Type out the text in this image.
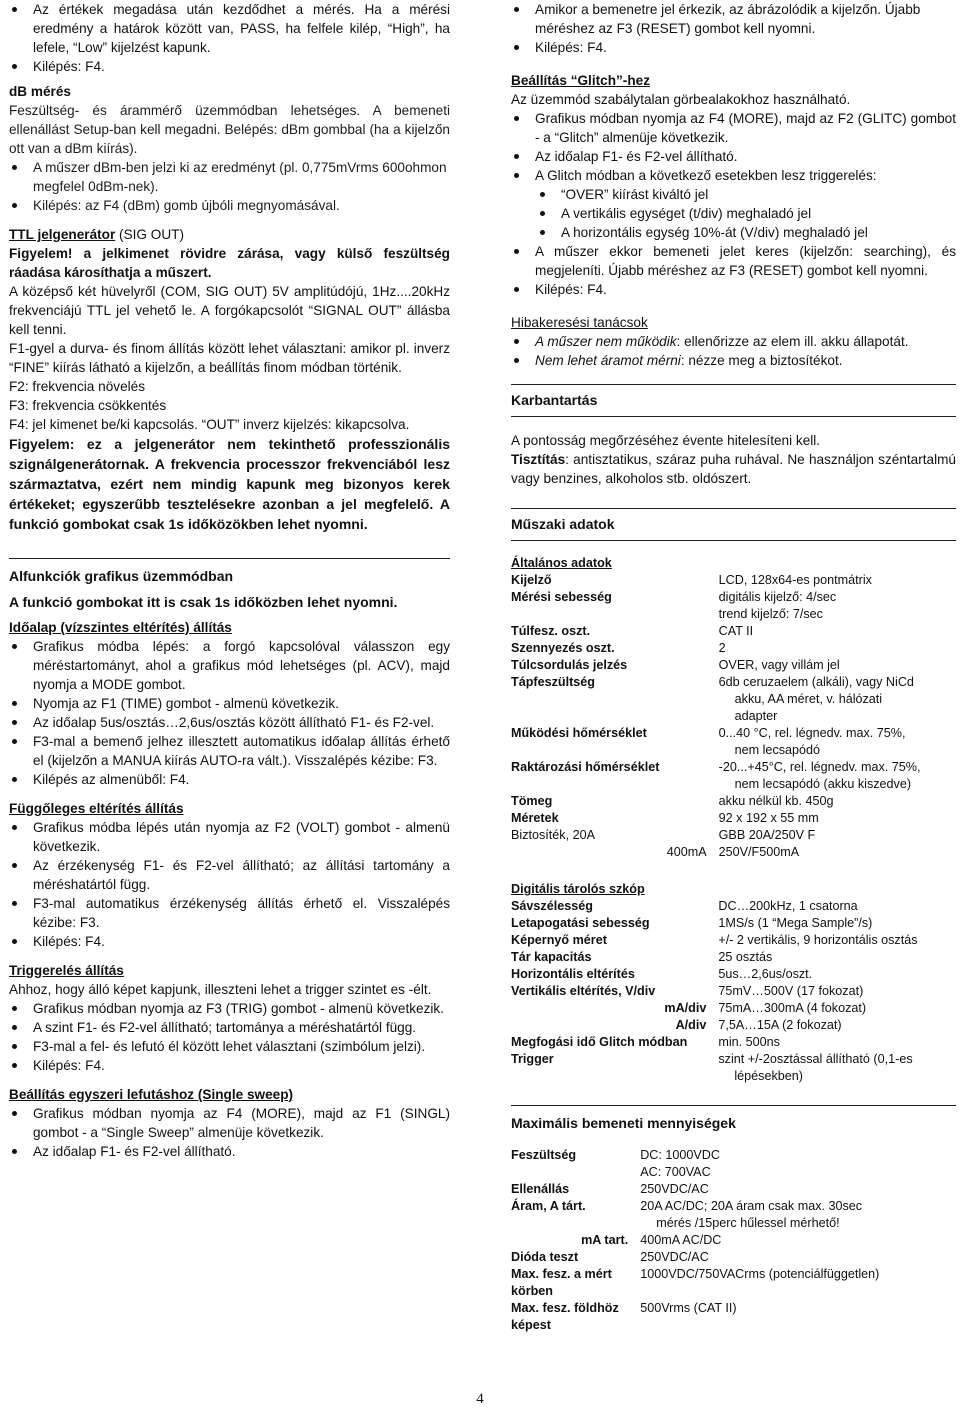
Az értékek megadása után kezdődhet a mérés. Ha a mérési eredmény a határok között van, PASS, ha felfele kilép, “High”, ha lefele, “Low” kijelzést kapunk.
Kilépés: F4.

dB mérés

Feszültség- és árammérő üzemmódban lehetséges. A bemeneti ellenállást Setup-ban kell megadni. Belépés: dBm gombbal (ha a kijelzőn ott van a dBm kiírás).

A műszer dBm-ben jelzi ki az eredményt (pl. 0,775mVrms 600ohmon megfelel 0dBm-nek).
Kilépés: az F4 (dBm) gomb újbóli megnyomásával.

TTL jelgenerátor (SIG OUT)

Figyelem! a jelkimenet rövidre zárása, vagy külső feszültség ráadása károsíthatja a műszert.

A középső két hüvelyről (COM, SIG OUT) 5V amplitúdójú, 1Hz....20kHz frekvenciájú TTL jel vehető le. A forgókapcsolót “SIGNAL OUT” állásba kell tenni.

F1-gyel a durva- és finom állítás között lehet választani: amikor pl. inverz “FINE” kiírás látható a kijelzőn, a beállítás finom módban történik.

F2: frekvencia növelés

F3: frekvencia csökkentés

F4: jel kimenet be/ki kapcsolás. “OUT” inverz kijelzés: kikapcsolva.

Figyelem: ez a jelgenerátor nem tekinthető professzionális szignálgenerátornak. A frekvencia processzor frekvenciából lesz származtatva, ezért nem mindig kapunk meg bizonyos kerek értékeket; egyszerűbb tesztelésekre azonban a jel megfelelő. A funkció gombokat csak 1s időközökben lehet nyomni.

Alfunkciók grafikus üzemmódban

A funkció gombokat itt is csak 1s időközben lehet nyomni.

Időalap (vízszintes eltérítés) állítás

Grafikus módba lépés: a forgó kapcsolóval válasszon egy méréstartományt, ahol a grafikus mód lehetséges (pl. ACV), majd nyomja a MODE gombot.
Nyomja az F1 (TIME) gombot - almenü következik.
Az időalap 5us/osztás…2,6us/osztás között állítható F1- és F2-vel.
F3-mal a bemenő jelhez illesztett automatikus időalap állítás érhető el (kijelzőn a MANUA kiírás AUTO-ra vált.). Visszalépés kézibe: F3.
Kilépés az almenüből: F4.

Függőleges eltérítés állítás

Grafikus módba lépés után nyomja az F2 (VOLT) gombot - almenü következik.
Az érzékenység F1- és F2-vel állítható; az állítási tartomány a méréshatártól függ.
F3-mal automatikus érzékenység állítás érhető el. Visszalépés kézibe: F3.
Kilépés: F4.

Triggerelés állítás

Ahhoz, hogy álló képet kapjunk, illeszteni lehet a trigger szintet es -élt.

Grafikus módban nyomja az F3 (TRIG) gombot - almenü következik.
A szint F1- és F2-vel állítható; tartománya a méréshatártól függ.
F3-mal a fel- és lefutó él között lehet választani (szimbólum jelzi).
Kilépés: F4.

Beállítás egyszeri lefutáshoz (Single sweep)

Grafikus módban nyomja az F4 (MORE), majd az F1 (SINGL) gombot - a “Single Sweep” almenüje következik.
Az időalap F1- és F2-vel állítható.
Amikor a bemenetre jel érkezik, az ábrázolódik a kijelzőn. Újabb méréshez az F3 (RESET) gombot kell nyomni.
Kilépés: F4.

Beállítás “Glitch”-hez

Az üzemmód szabálytalan görbealakokhoz használható.

Grafikus módban nyomja az F4 (MORE), majd az F2 (GLITC) gombot - a “Glitch” almenüje következik.
Az időalap F1- és F2-vel állítható.
A Glitch módban a következő esetekben lesz triggerelés:
“OVER” kiírást kiváltó jel
A vertikális egységet (t/div) meghaladó jel
A horizontális egység 10%-át (V/div) meghaladó jel
A műszer ekkor bemeneti jelet keres (kijelzőn: searching), és megjeleníti. Újabb méréshez az F3 (RESET) gombot kell nyomni.
Kilépés: F4.

Hibakeresési tanácsok

A műszer nem működik: ellenőrizze az elem ill. akku állapotát.
Nem lehet áramot mérni: nézze meg a biztosítékot.
Karbantartás

A pontosság megőrzéséhez évente hitelesíteni kell.

Tisztítás: antisztatikus, száraz puha ruhával. Ne használjon széntartalmú vagy benzines, alkoholos stb. oldószert.

Műszaki adatok

Általános adatok

Kijelző	LCD, 128x64-es pontmátrix
Mérési sebesség	digitális kijelző: 4/sec
	trend kijelző: 7/sec
Túlfesz. oszt.	CAT II
Szennyezés oszt.	2
Túlcsordulás jelzés	OVER, vagy villám jel
Tápfeszültség	6db ceruzaelem (alkáli), vagy NiCd
	akku, AA méret, v. hálózati
	adapter
Működési hőmérséklet	0...40 °C, rel. légnedv. max. 75%,
	nem lecsapódó
Raktározási hőmérséklet	-20...+45°C, rel. légnedv. max. 75%,
	nem lecsapódó (akku kiszedve)
Tömeg	akku nélkül kb. 450g
Méretek	92 x 192 x 55 mm
Biztosíték, 20A	GBB 20A/250V F
400mA	250V/F500mA

Digitális tárolós szkóp

Sávszélesség	DC…200kHz, 1 csatorna
Letapogatási sebesség	1MS/s (1 “Mega Sample”/s)
Képernyő méret	+/- 2 vertikális, 9 horizontális osztás
Tár kapacitás	25 osztás
Horizontális eltérítés	5us…2,6us/oszt.
Vertikális eltérítés, V/div	75mV…500V (17 fokozat)
mA/div	75mA…300mA (4 fokozat)
A/div	7,5A…15A (2 fokozat)
Megfogási idő Glitch módban	min. 500ns
Trigger	szint +/-2osztással állítható (0,1-es
	lépésekben)
Maximális bemeneti mennyiségek
Feszültség	DC: 1000VDC
	AC: 700VAC
Ellenállás	250VDC/AC
Áram, A tárt.	20A AC/DC; 20A áram csak max. 30sec
	mérés /15perc hűlessel mérhető!
mA tart.	400mA AC/DC
Dióda teszt	250VDC/AC
Max. fesz. a mért körben	1000VDC/750VACrms (potenciálfüggetlen)
Max. fesz. földhöz képest	500Vrms (CAT II)
4
